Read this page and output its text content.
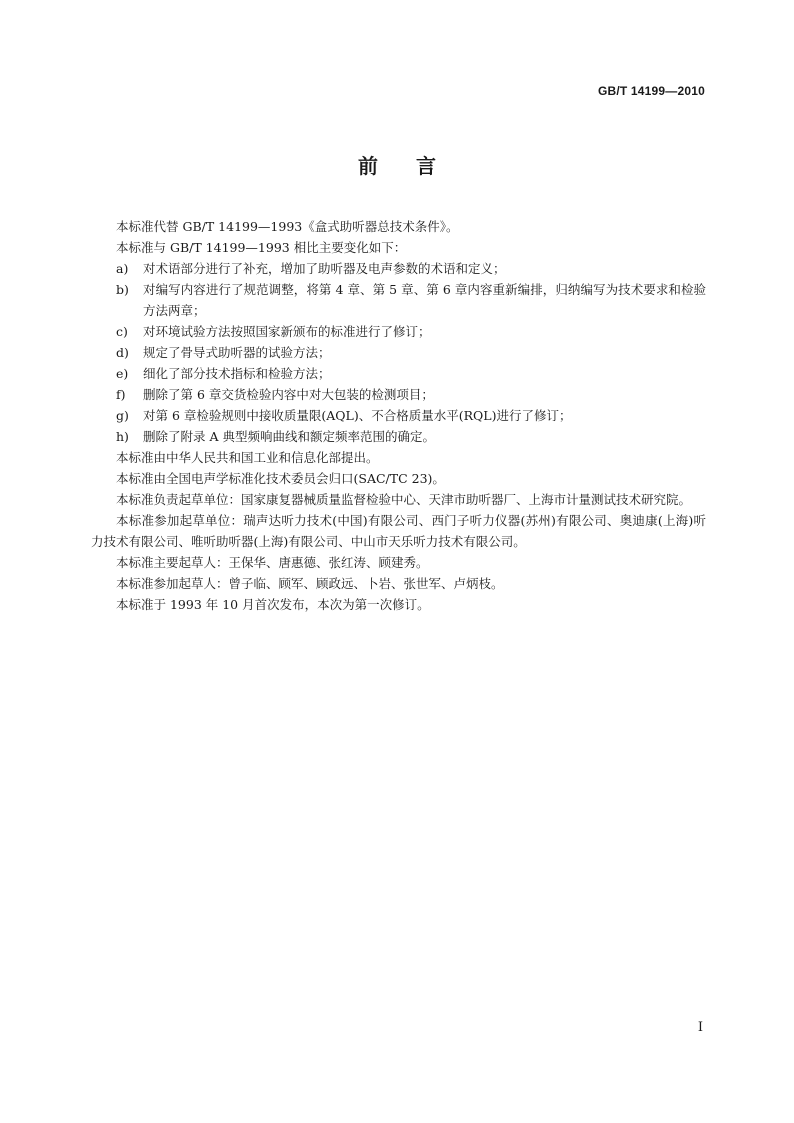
GB/T 14199—2010
前言

本标准代替 GB/T 14199—1993《盒式助听器总技术条件》。

本标准与 GB/T 14199—1993 相比主要变化如下：

a) 对术语部分进行了补充，增加了助听器及电声参数的术语和定义；

b) 对编写内容进行了规范调整，将第 4 章、第 5 章、第 6 章内容重新编排，归纳编写为技术要求和检验方法两章；

c) 对环境试验方法按照国家新颁布的标准进行了修订；

d) 规定了骨导式助听器的试验方法；

e) 细化了部分技术指标和检验方法；

f) 删除了第 6 章交货检验内容中对大包装的检测项目；

g) 对第 6 章检验规则中接收质量限(AQL)、不合格质量水平(RQL)进行了修订；

h) 删除了附录 A 典型频响曲线和额定频率范围的确定。

本标准由中华人民共和国工业和信息化部提出。

本标准由全国电声学标准化技术委员会归口(SAC/TC 23)。

本标准负责起草单位：国家康复器械质量监督检验中心、天津市助听器厂、上海市计量测试技术研究院。

本标准参加起草单位：瑞声达听力技术(中国)有限公司、西门子听力仪器(苏州)有限公司、奥迪康(上海)听力技术有限公司、唯听助听器(上海)有限公司、中山市天乐听力技术有限公司。

本标准主要起草人：王保华、唐惠德、张红涛、顾建秀。

本标准参加起草人：曾子临、顾军、顾政远、卜岩、张世军、卢炳枝。

本标准于 1993 年 10 月首次发布，本次为第一次修订。

I
